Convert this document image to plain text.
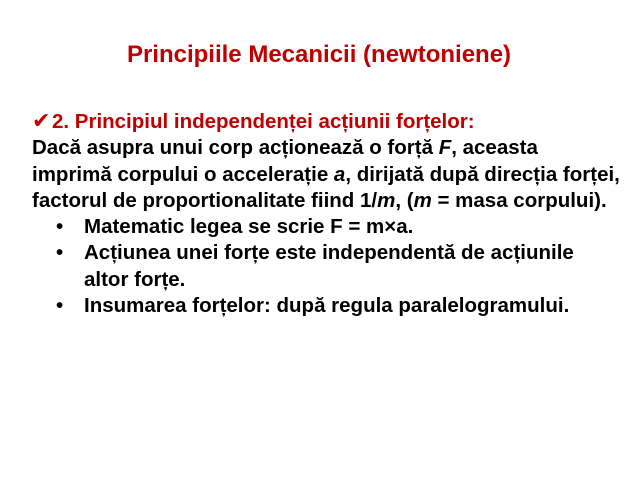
Principiile Mecanicii (newtoniene)
✔2. Principiul independenței acțiunii forțelor:
Dacă asupra unui corp acționează o forță F, aceasta imprimă corpului o accelerație a, dirijată după direcția forței, factorul de proportionalitate fiind 1/m, (m = masa corpului).
• Matematic legea se scrie F = m×a.
• Acțiunea unei forțe este independentă de acțiunile altor forțe.
• Insumarea forțelor: după regula paralelogramului.
